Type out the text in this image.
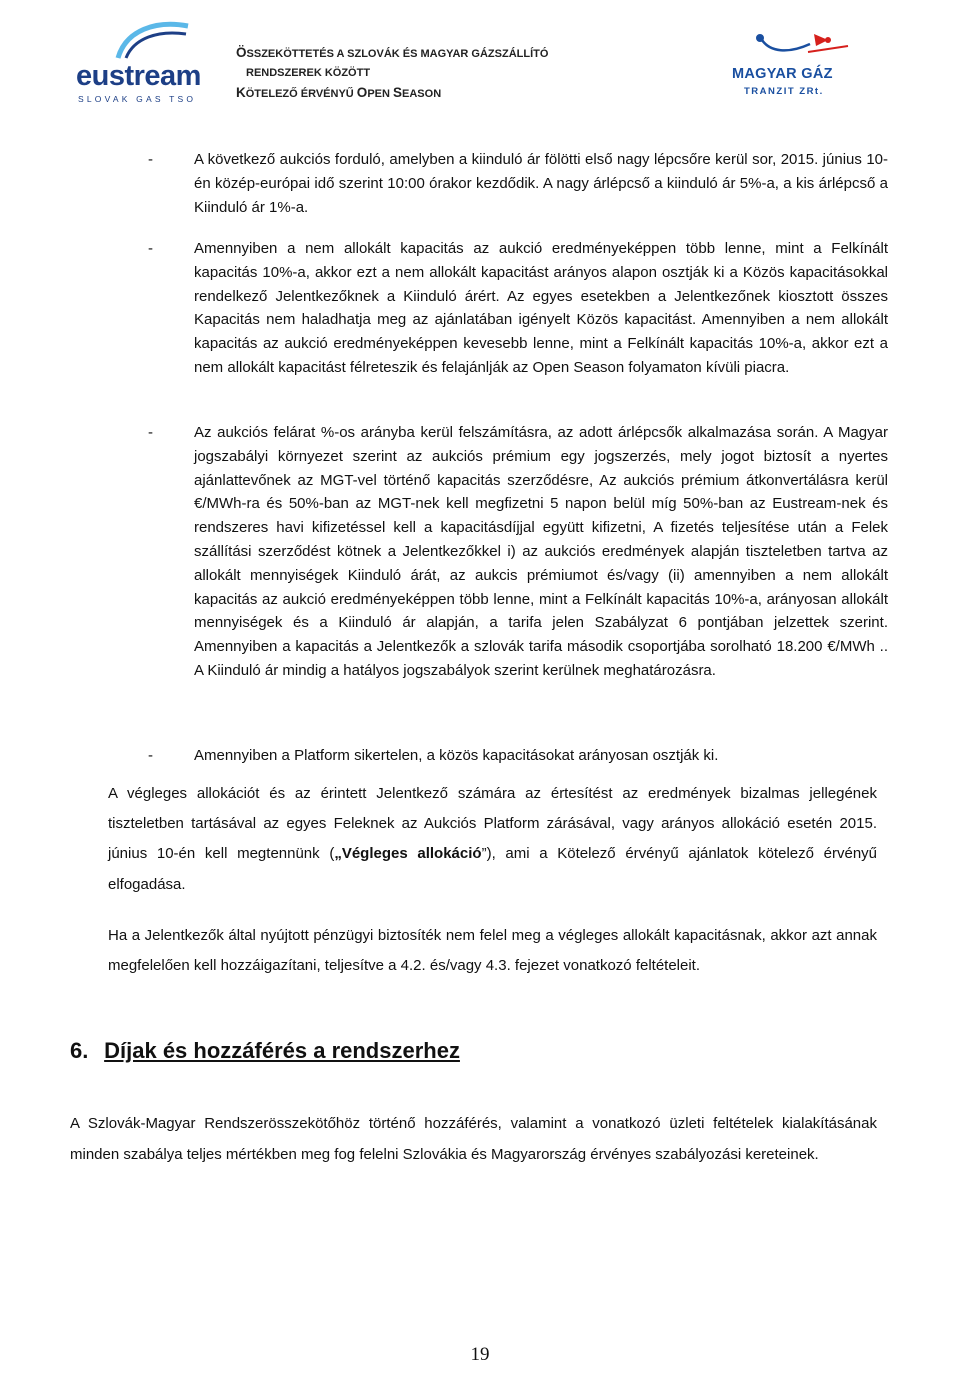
eustream
SLOVAK GAS TSO
ÖSSZEKÖTTETÉS A SZLOVÁK ÉS MAGYAR GÁZSZÁLLÍTÓ
RENDSZEREK KÖZÖTT
KÖTELEZŐ ÉRVÉNYŰ OPEN SEASON
MAGYAR GÁZ
TRANZIT ZRt.
-	A következő aukciós forduló, amelyben a kiinduló ár fölötti első nagy lépcsőre kerül sor, 2015. június 10-én közép-európai idő szerint 10:00 órakor kezdődik. A nagy árlépcső a kiinduló ár 5%-a, a kis árlépcső a Kiinduló ár 1%-a.
-	Amennyiben a nem allokált kapacitás az aukció eredményeképpen több lenne, mint a Felkínált kapacitás 10%-a, akkor ezt a nem allokált kapacitást arányos alapon osztják ki a Közös kapacitásokkal rendelkező Jelentkezőknek a Kiinduló árért. Az egyes esetekben a Jelentkezőnek kiosztott összes Kapacitás nem haladhatja meg az ajánlatában igényelt Közös kapacitást. Amennyiben a nem allokált kapacitás az aukció eredményeképpen kevesebb lenne, mint a Felkínált kapacitás 10%-a, akkor ezt a nem allokált kapacitást félreteszik és felajánlják az Open Season folyamaton kívüli piacra.
-	Az aukciós felárat %-os arányba kerül felszámításra, az adott árlépcsők alkalmazása során. A Magyar jogszabályi környezet szerint az aukciós prémium egy jogszerzés, mely jogot biztosít a nyertes ajánlattevőnek az MGT-vel történő kapacitás szerződésre, Az aukciós prémium átkonvertálásra kerül €/MWh-ra és 50%-ban az MGT-nek kell megfizetni 5 napon belül míg 50%-ban az Eustream-nek és rendszeres havi kifizetéssel kell a kapacitásdíjjal együtt kifizetni, A fizetés teljesítése után a Felek szállítási szerződést kötnek a Jelentkezőkkel i) az aukciós eredmények alapján tiszteletben tartva az allokált mennyiségek Kiinduló árát, az aukcis prémiumot és/vagy (ii) amennyiben a nem allokált kapacitás az aukció eredményeképpen több lenne, mint a Felkínált kapacitás 10%-a, arányosan allokált mennyiségek és a Kiinduló ár alapján, a tarifa jelen Szabályzat 6 pontjában jelzettek szerint. Amennyiben a kapacitás a Jelentkezők a szlovák tarifa második csoportjába sorolható 18.200 €/MWh .. A Kiinduló ár mindig a hatályos jogszabályok szerint kerülnek meghatározásra.
-	Amennyiben a Platform sikertelen, a közös kapacitásokat arányosan osztják ki.
A végleges allokációt és az érintett Jelentkező számára az értesítést az eredmények bizalmas jellegének tiszteletben tartásával az egyes Feleknek az Aukciós Platform zárásával, vagy arányos allokáció esetén 2015. június 10-én kell megtennünk („Végleges allokáció”), ami a Kötelező érvényű ajánlatok kötelező érvényű elfogadása.
Ha a Jelentkezők által nyújtott pénzügyi biztosíték nem felel meg a végleges allokált kapacitásnak, akkor azt annak megfelelően kell hozzáigazítani, teljesítve a 4.2. és/vagy 4.3. fejezet vonatkozó feltételeit.
6. Díjak és hozzáférés a rendszerhez
A Szlovák-Magyar Rendszerösszekötőhöz történő hozzáférés, valamint a vonatkozó üzleti feltételek kialakításának minden szabálya teljes mértékben meg fog felelni Szlovákia és Magyarország érvényes szabályozási kereteinek.
19
